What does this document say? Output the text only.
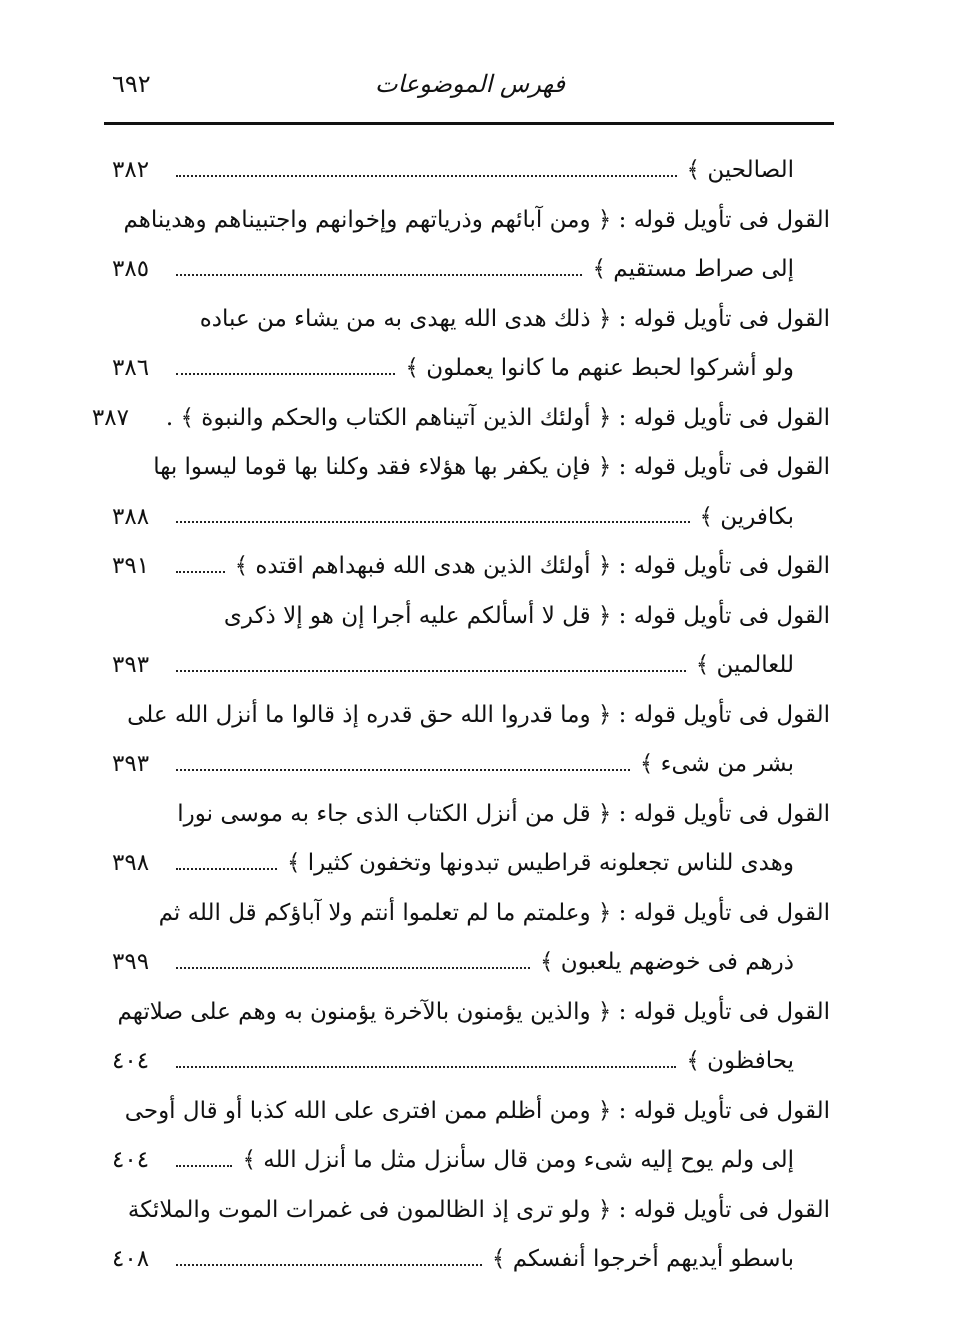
٦٩٢	فهرس الموضوعات
الصالحين ﴾
٣٨٢
القول فى تأويل قوله : ﴿ ومن آبائهم وذرياتهم وإخوانهم واجتبيناهم وهديناهم
إلى صراط مستقيم ﴾
٣٨٥
القول فى تأويل قوله : ﴿ ذلك هدى الله يهدى به من يشاء من عباده
ولو أشركوا لحبط عنهم ما كانوا يعملون ﴾
٣٨٦
القول فى تأويل قوله : ﴿ أولئك الذين آتيناهم الكتاب والحكم والنبوة ﴾ .
٣٨٧
القول فى تأويل قوله : ﴿ فإن يكفر بها هؤلاء فقد وكلنا بها قوما ليسوا بها
بكافرين ﴾
٣٨٨
القول فى تأويل قوله : ﴿ أولئك الذين هدى الله فبهداهم اقتده ﴾
٣٩١
القول فى تأويل قوله : ﴿ قل لا أسألكم عليه أجرا إن هو إلا ذكرى
للعالمين ﴾
٣٩٣
القول فى تأويل قوله : ﴿ وما قدروا الله حق قدره إذ قالوا ما أنزل الله على
بشر من شىء ﴾
٣٩٣
القول فى تأويل قوله : ﴿ قل من أنزل الكتاب الذى جاء به موسى نورا
وهدى للناس تجعلونه قراطيس تبدونها وتخفون كثيرا ﴾
٣٩٨
القول فى تأويل قوله : ﴿ وعلمتم ما لم تعلموا أنتم ولا آباؤكم قل الله ثم
ذرهم فى خوضهم يلعبون ﴾
٣٩٩
القول فى تأويل قوله : ﴿ والذين يؤمنون بالآخرة يؤمنون به وهم على صلاتهم
يحافظون ﴾
٤٠٤
القول فى تأويل قوله : ﴿ ومن أظلم ممن افترى على الله كذبا أو قال أوحى
إلى ولم يوح إليه شىء ومن قال سأنزل مثل ما أنزل الله ﴾
٤٠٤
القول فى تأويل قوله : ﴿ ولو ترى إذ الظالمون فى غمرات الموت والملائكة
باسطو أيديهم أخرجوا أنفسكم ﴾
٤٠٨
